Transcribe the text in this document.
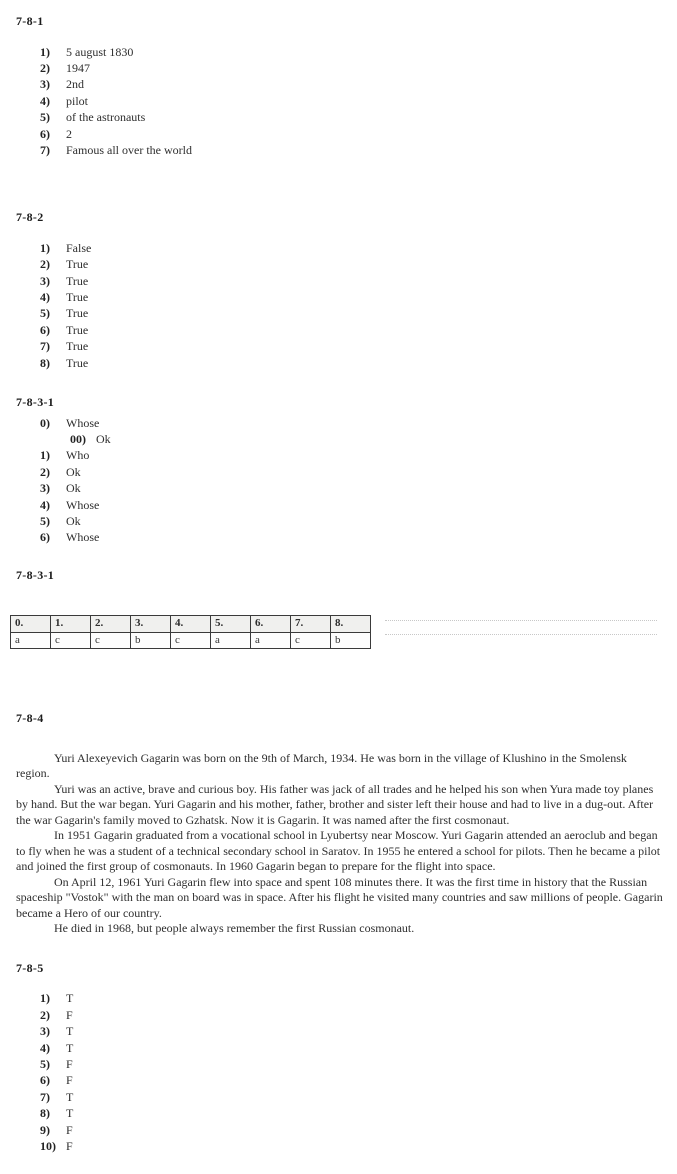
7-8-1
1) 5 august 1830
2) 1947
3) 2nd
4) pilot
5) of the astronauts
6) 2
7) Famous all over the world
7-8-2
1) False
2) True
3) True
4) True
5) True
6) True
7) True
8) True
7-8-3-1
0) Whose
00) Ok
1) Who
2) Ok
3) Ok
4) Whose
5) Ok
6) Whose
7-8-3-1
0.	1.	2.	3.	4.	5.	6.	7.	8.
a	c	c	b	c	a	a	c	b
7-8-4

Yuri Alexeyevich Gagarin was born on the 9th of March, 1934. He was born in the village of Klushino in the Smolensk region.

Yuri was an active, brave and curious boy. His father was jack of all trades and he helped his son when Yura made toy planes by hand. But the war began. Yuri Gagarin and his mother, father, brother and sister left their house and had to live in a dug-out. After the war Gagarin's family moved to Gzhatsk. Now it is Gagarin. It was named after the first cosmonaut.

In 1951 Gagarin graduated from a vocational school in Lyubertsy near Moscow. Yuri Gagarin attended an aeroclub and began to fly when he was a student of a technical secondary school in Saratov. In 1955 he entered a school for pilots. Then he became a pilot and joined the first group of cosmonauts. In 1960 Gagarin began to prepare for the flight into space.

On April 12, 1961 Yuri Gagarin flew into space and spent 108 minutes there. It was the first time in history that the Russian spaceship "Vostok" with the man on board was in space. After his flight he visited many countries and saw millions of people. Gagarin became a Hero of our country.

He died in 1968, but people always remember the first Russian cosmonaut.

7-8-5
1) T
2) F
3) T
4) T
5) F
6) F
7) T
8) T
9) F
10) F
